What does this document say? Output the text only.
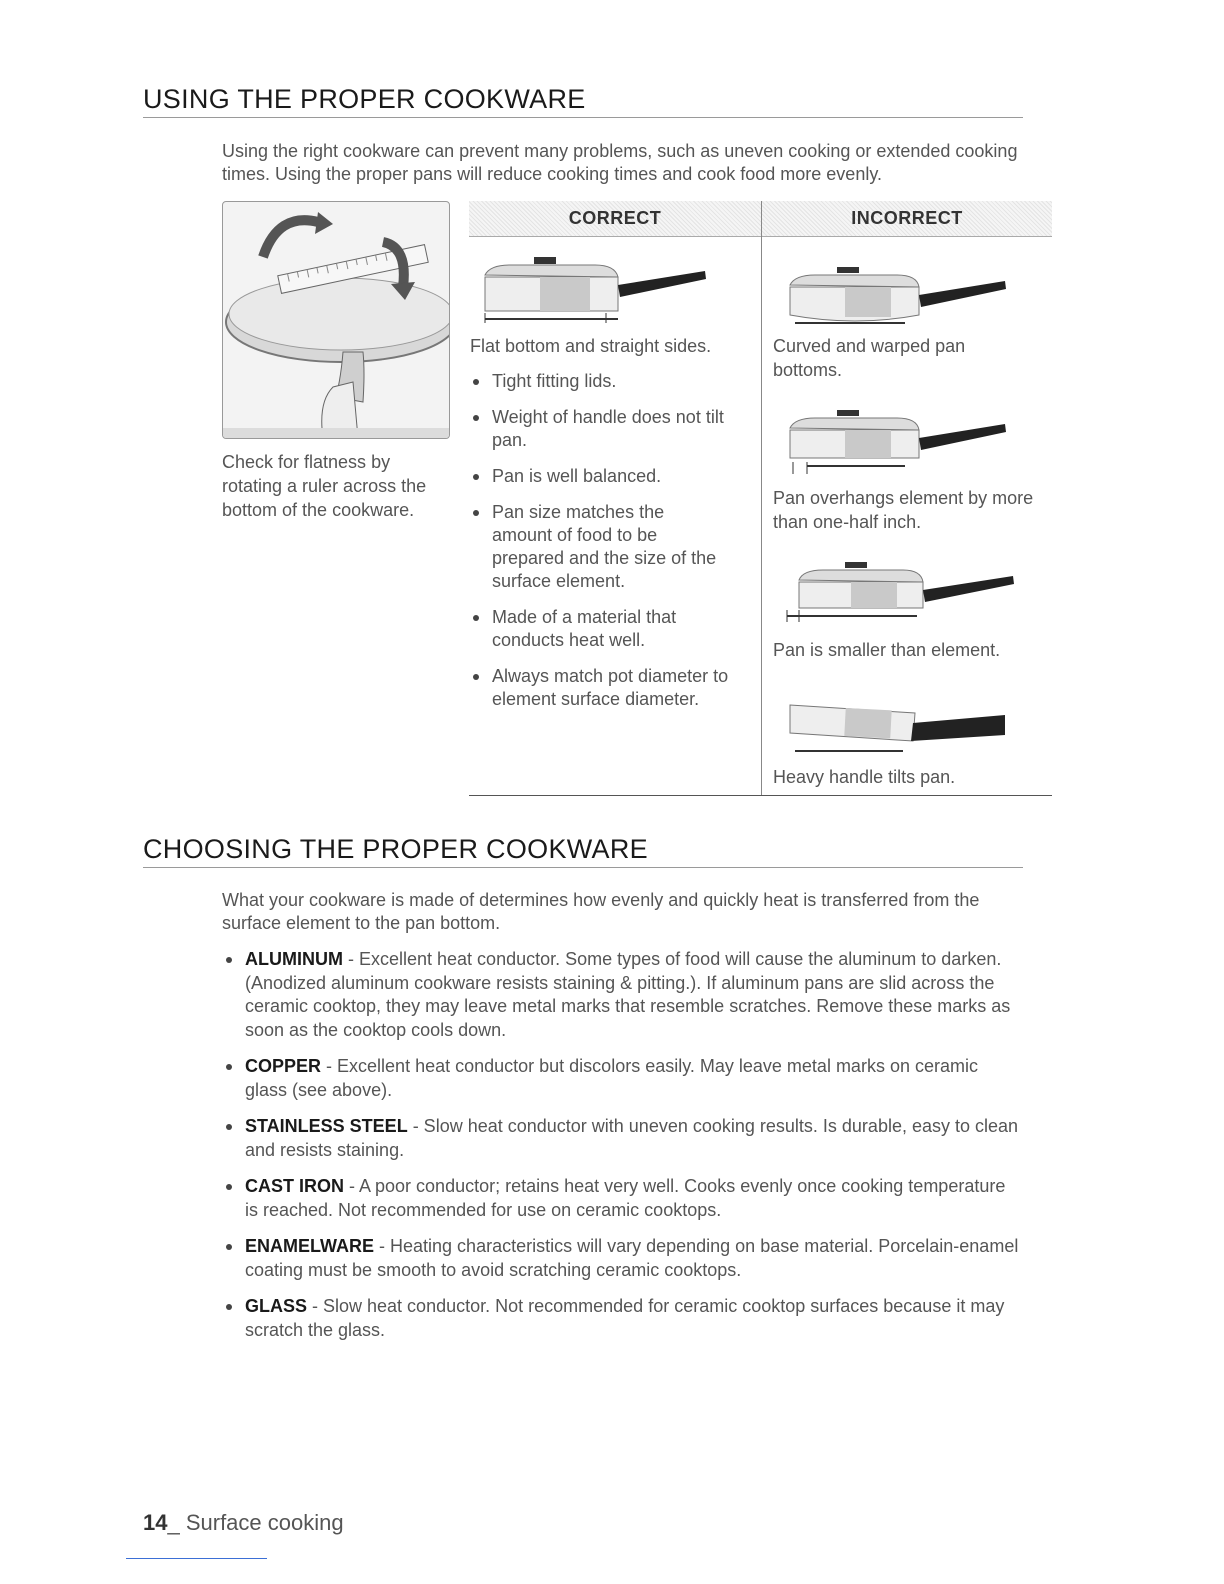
USING THE PROPER COOKWARE

Using the right cookware can prevent many problems, such as uneven cooking or extended cooking times. Using the proper pans will reduce cooking times and cook food more evenly.

Check for flatness by rotating a ruler across the bottom of the cookware.

CORRECT	INCORRECT

Flat bottom and straight sides.

Tight fitting lids.
Weight of handle does not tilt pan.
Pan is well balanced.
Pan size matches the amount of food to be prepared and the size of the surface element.
Made of a material that conducts heat well.
Always match pot diameter to element surface diameter.

Curved and warped pan bottoms.

Pan overhangs element by more than one-half inch.

Pan is smaller than element.

Heavy handle tilts pan.

CHOOSING THE PROPER COOKWARE

What your cookware is made of determines how evenly and quickly heat is transferred from the surface element to the pan bottom.

ALUMINUM - Excellent heat conductor. Some types of food will cause the aluminum to darken. (Anodized aluminum cookware resists staining & pitting.). If aluminum pans are slid across the ceramic cooktop, they may leave metal marks that resemble scratches. Remove these marks as soon as the cooktop cools down.
COPPER - Excellent heat conductor but discolors easily. May leave metal marks on ceramic glass (see above).
STAINLESS STEEL - Slow heat conductor with uneven cooking results. Is durable, easy to clean and resists staining.
CAST IRON - A poor conductor; retains heat very well. Cooks evenly once cooking temperature is reached. Not recommended for use on ceramic cooktops.
ENAMELWARE - Heating characteristics will vary depending on base material. Porcelain-enamel coating must be smooth to avoid scratching ceramic cooktops.
GLASS - Slow heat conductor. Not recommended for ceramic cooktop surfaces because it may scratch the glass.
14_ Surface cooking
